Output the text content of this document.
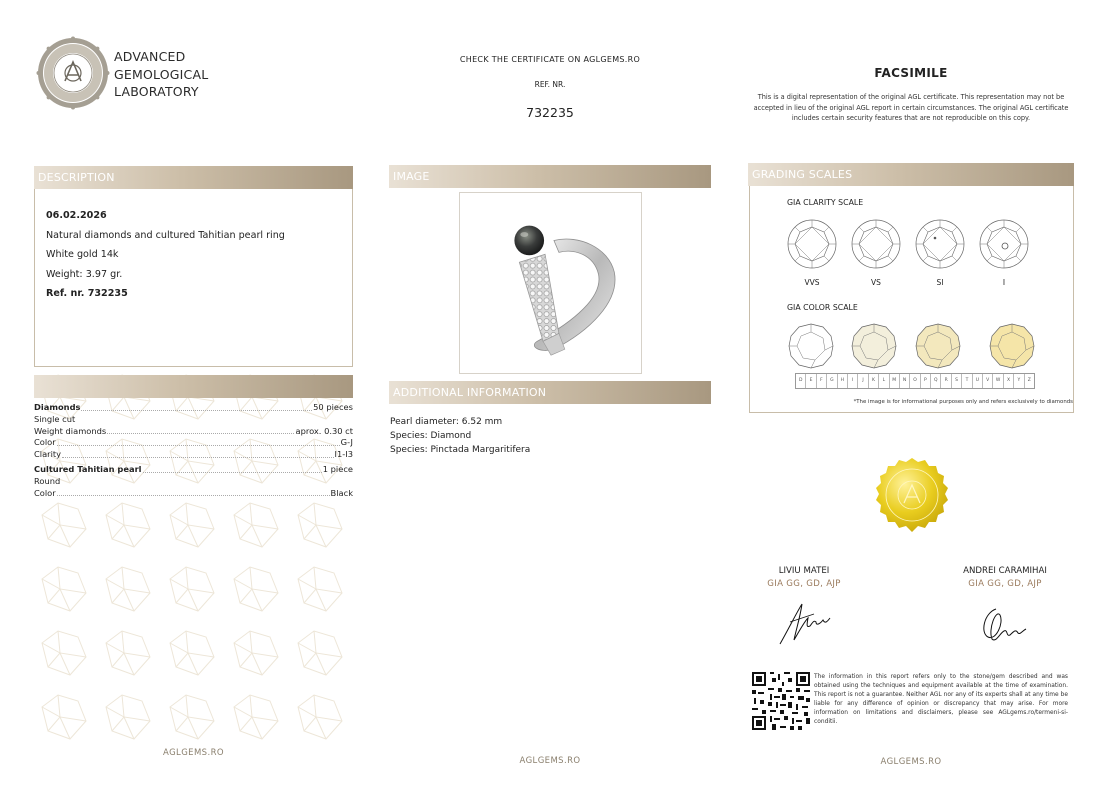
ADVANCED
GEMOLOGICAL
LABORATORY
CHECK THE CERTIFICATE ON AGLGEMS.RO
REF. NR.
732235
FACSIMILE
This is a digital representation of the original AGL certificate. This representation may not be accepted in lieu of the original AGL report in certain circumstances. The original AGL certificate includes certain security features that are not reproducible on this copy.
DESCRIPTION
06.02.2026
Natural diamonds and cultured Tahitian pearl ring
White gold 14k
Weight: 3.97 gr.
Ref. nr. 732235
Diamonds	50 pieces
Single cut
Weight diamonds	aprox. 0.30 ct
Color	G-J
Clarity	I1-I3
Cultured Tahitian pearl	1 piece
Round
Color	Black
AGLGEMS.RO
IMAGE
ADDITIONAL INFORMATION
Pearl diameter: 6.52 mm
Species: Diamond
Species: Pinctada Margaritifera
AGLGEMS.RO
GRADING SCALES
GIA CLARITY SCALE
VVS	VS	SI	I
GIA COLOR SCALE
D	E	F	G	H	I	J	K	L	M	N	O	P	Q	R	S	T	U	V	W	X	Y	Z
*The image is for informational purposes only and refers exclusively to diamonds
LIVIU MATEI
GIA GG, GD, AJP
ANDREI CARAMIHAI
GIA GG, GD, AJP
The information in this report refers only to the stone/gem described and was obtained using the techniques and equipment available at the time of examination. This report is not a guarantee. Neither AGL nor any of its experts shall at any time be liable for any difference of opinion or discrepancy that may arise. For more information on limitations and disclaimers, please see AGLgems.ro/termeni-si-conditii.
AGLGEMS.RO
